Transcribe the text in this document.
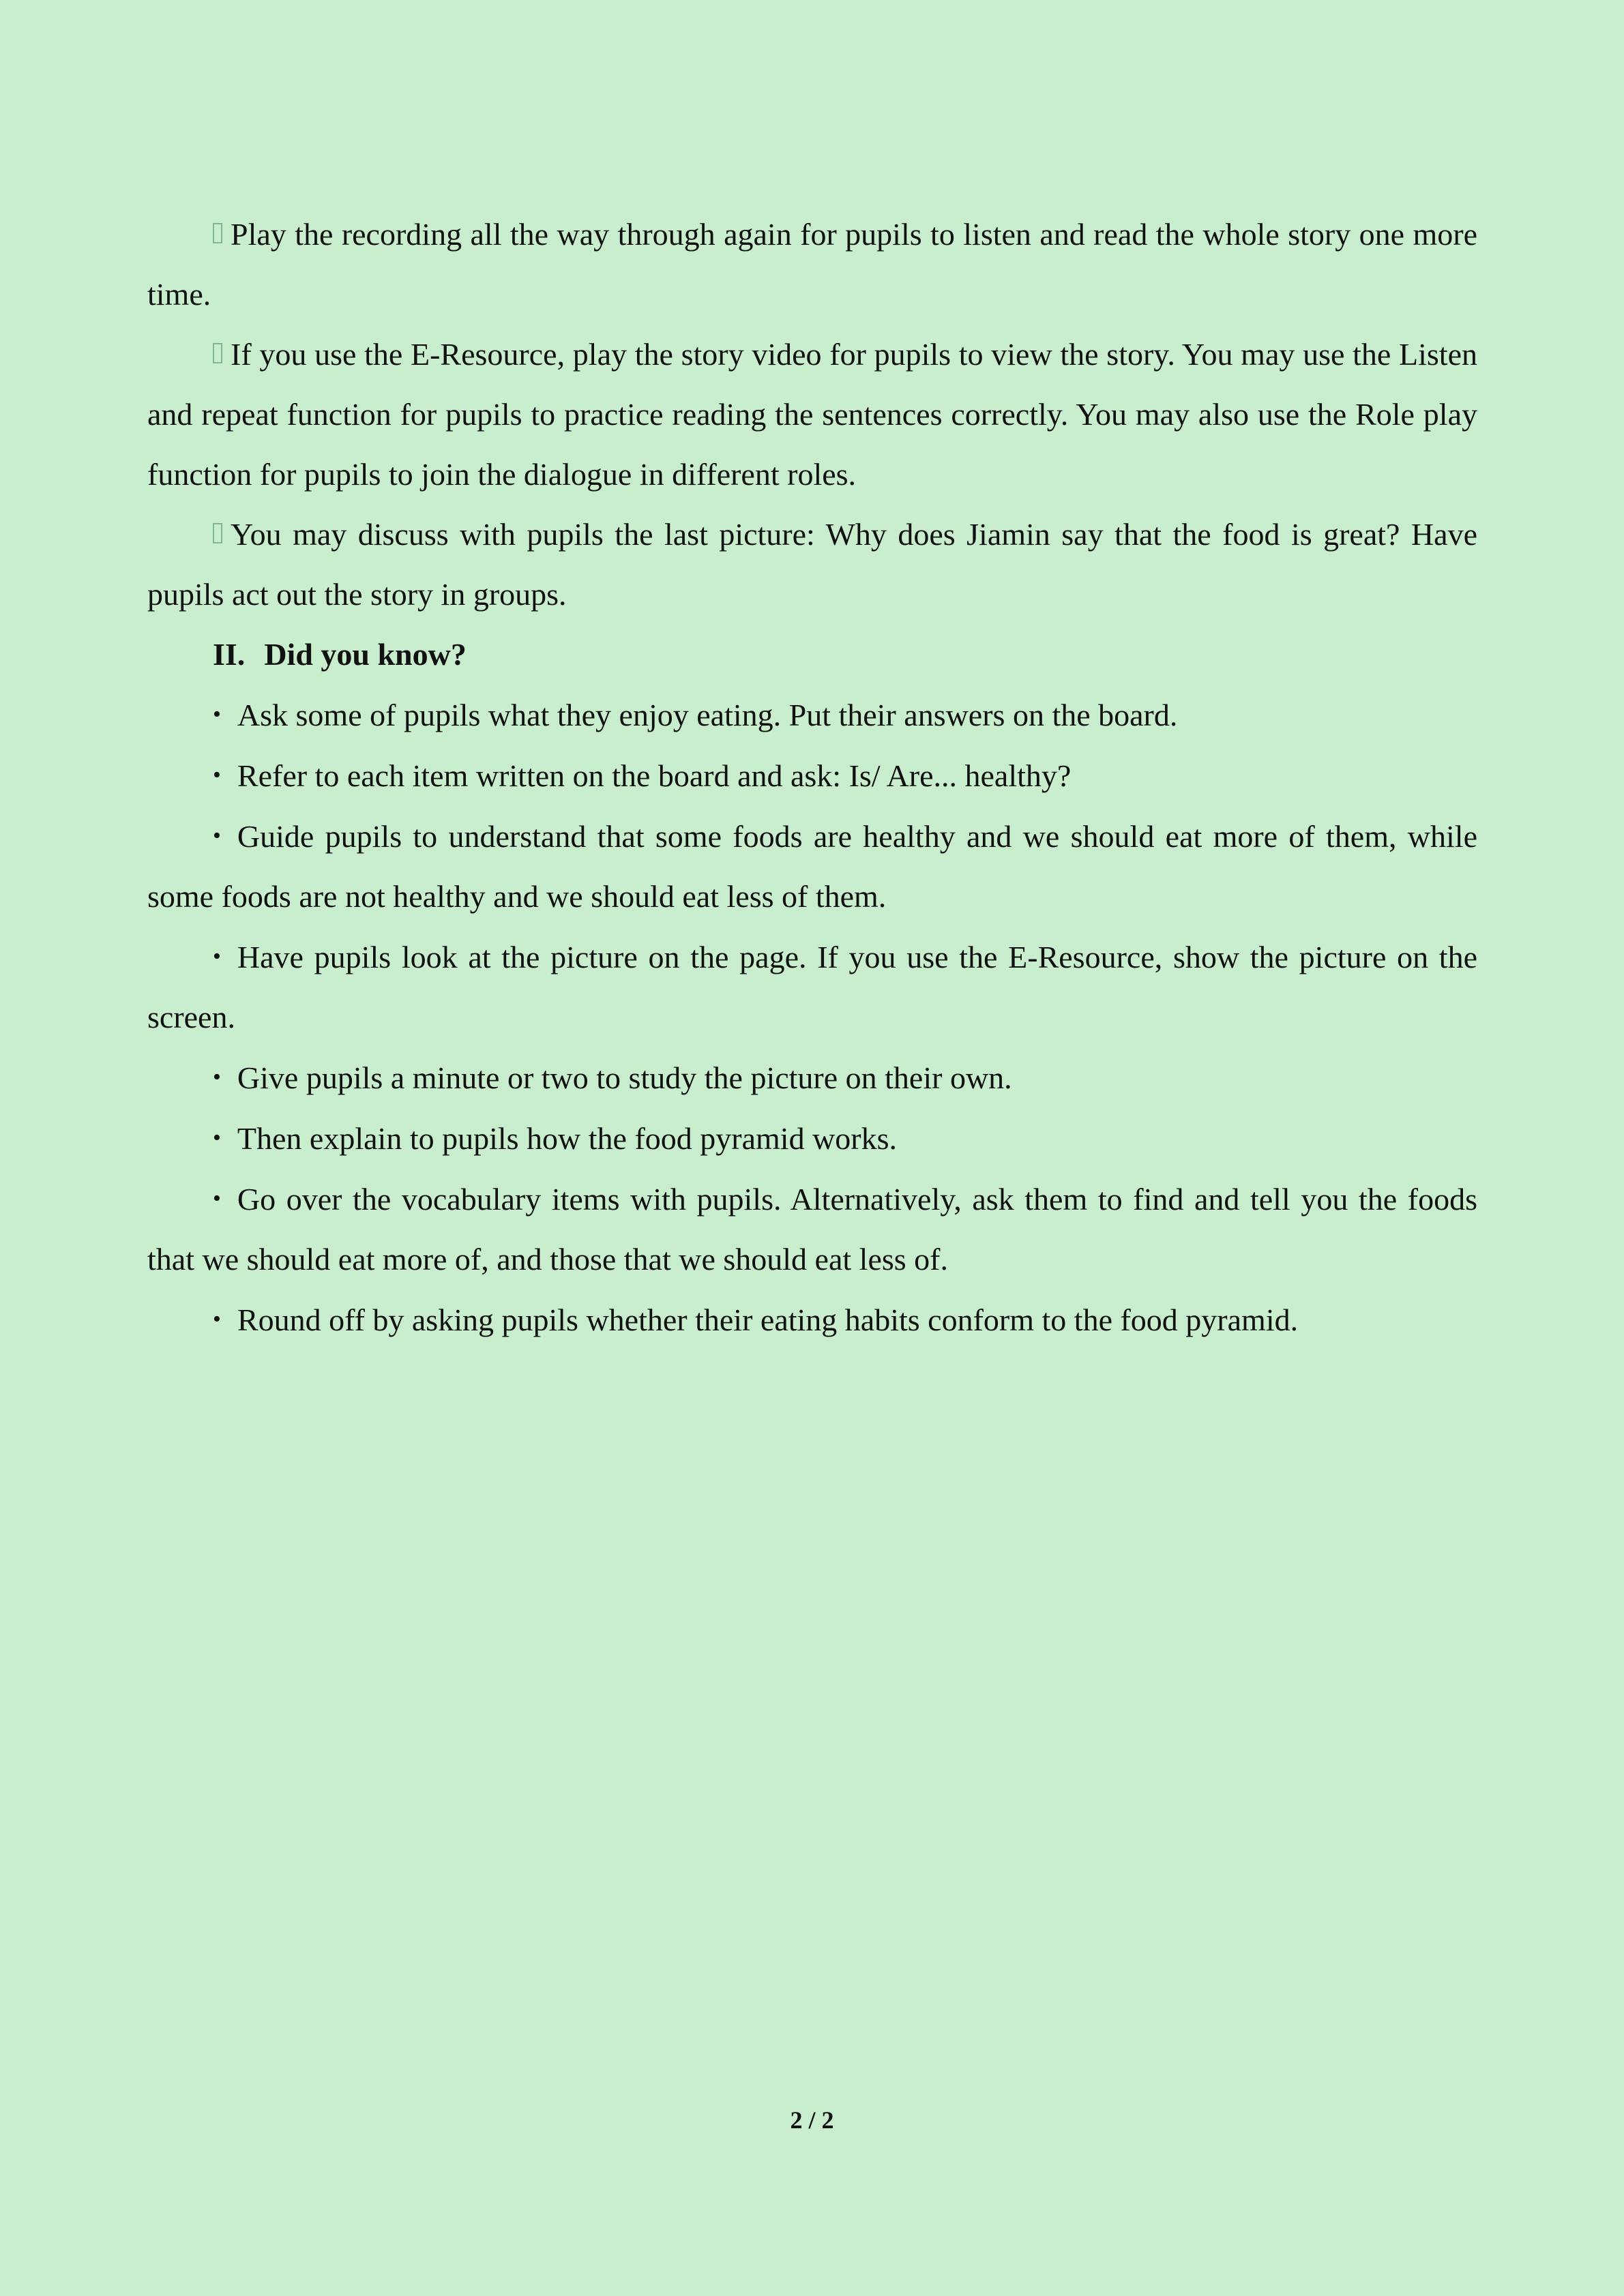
Play the recording all the way through again for pupils to listen and read the whole story one more time.

If you use the E-Resource, play the story video for pupils to view the story. You may use the Listen and repeat function for pupils to practice reading the sentences correctly. You may also use the Role play function for pupils to join the dialogue in different roles.

You may discuss with pupils the last picture: Why does Jiamin say that the food is great? Have pupils act out the story in groups.

II. Did you know?

• Ask some of pupils what they enjoy eating. Put their answers on the board.

• Refer to each item written on the board and ask: Is/ Are... healthy?

• Guide pupils to understand that some foods are healthy and we should eat more of them, while some foods are not healthy and we should eat less of them.

• Have pupils look at the picture on the page. If you use the E-Resource, show the picture on the screen.

• Give pupils a minute or two to study the picture on their own.

• Then explain to pupils how the food pyramid works.

• Go over the vocabulary items with pupils. Alternatively, ask them to find and tell you the foods that we should eat more of, and those that we should eat less of.

• Round off by asking pupils whether their eating habits conform to the food pyramid.

2 / 2
